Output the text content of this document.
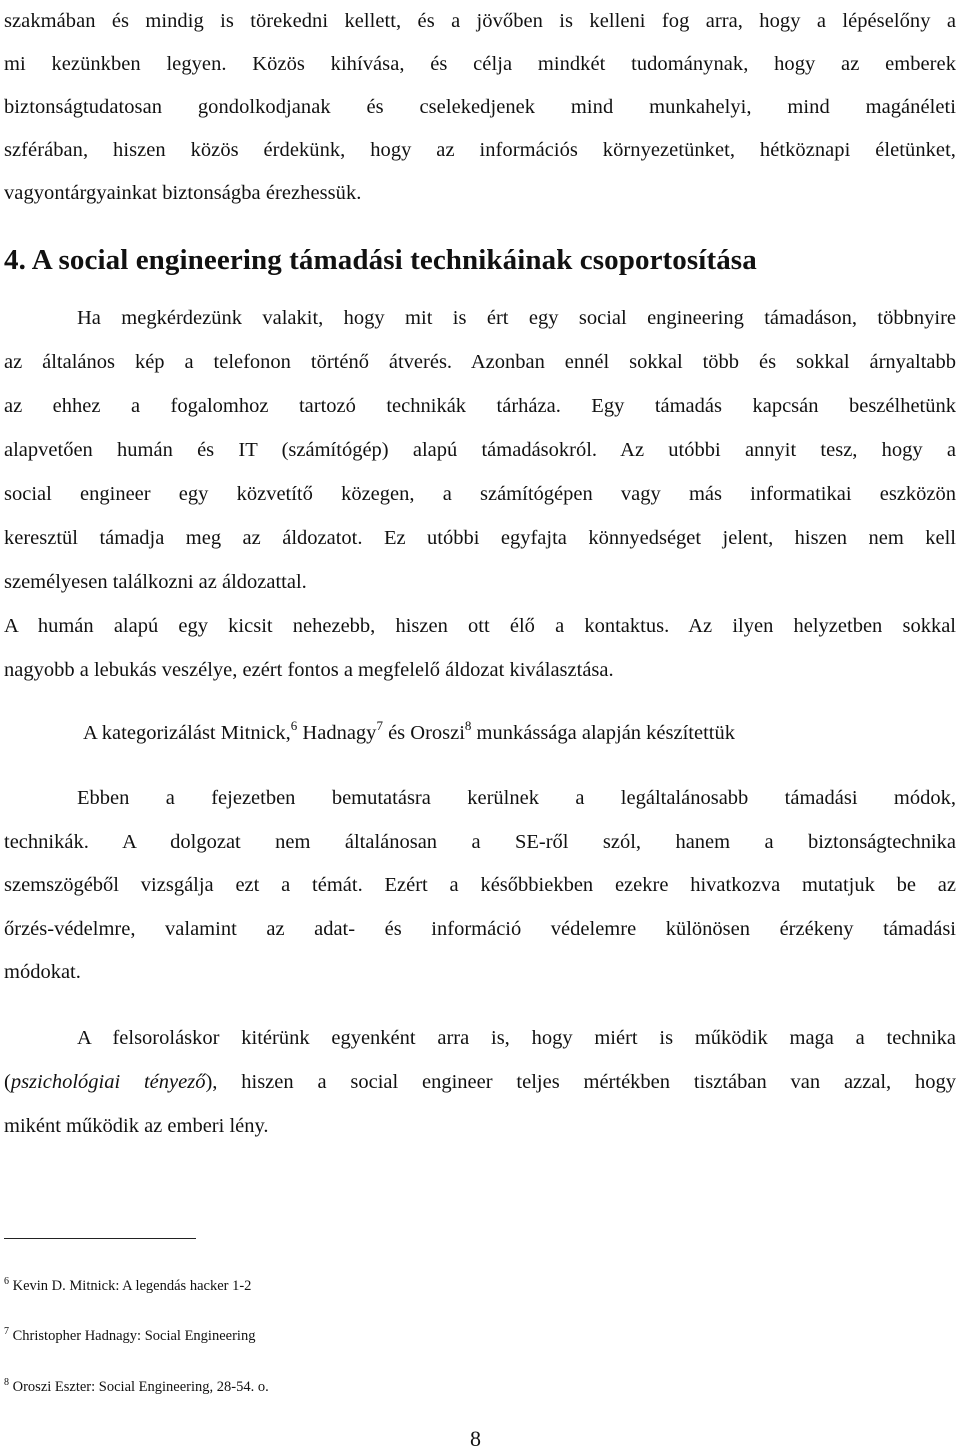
szakmában és mindig is törekedni kellett, és a jövőben is kelleni fog arra, hogy a lépéselőny a
mi kezünkben legyen. Közös kihívása, és célja mindkét tudománynak, hogy az emberek
biztonságtudatosan gondolkodjanak és cselekedjenek mind munkahelyi, mind magánéleti
szférában, hiszen közös érdekünk, hogy az információs környezetünket, hétköznapi életünket,
vagyontárgyainkat biztonságba érezhessük.
4. A social engineering támadási technikáinak csoportosítása
Ha megkérdezünk valakit, hogy mit is ért egy social engineering támadáson, többnyire
az általános kép a telefonon történő átverés. Azonban ennél sokkal több és sokkal árnyaltabb
az ehhez a fogalomhoz tartozó technikák tárháza. Egy támadás kapcsán beszélhetünk
alapvetően humán és IT (számítógép) alapú támadásokról. Az utóbbi annyit tesz, hogy a
social engineer egy közvetítő közegen, a számítógépen vagy más informatikai eszközön
keresztül támadja meg az áldozatot. Ez utóbbi egyfajta könnyedséget jelent, hiszen nem kell
személyesen találkozni az áldozattal.
A humán alapú egy kicsit nehezebb, hiszen ott élő a kontaktus. Az ilyen helyzetben sokkal
nagyobb a lebukás veszélye, ezért fontos a megfelelő áldozat kiválasztása.

A kategorizálást Mitnick,$^6$ Hadnagy$^7$ és Oroszi$^8$ munkássága alapján készítettük

Ebben a fejezetben bemutatásra kerülnek a legáltalánosabb támadási módok,
technikák. A dolgozat nem általánosan a SE-ről szól, hanem a biztonságtechnika
szemszögéből vizsgálja ezt a témát. Ezért a későbbiekben ezekre hivatkozva mutatjuk be az
őrzés-védelmre, valamint az adat- és információ védelemre különösen érzékeny támadási
módokat.
A felsoroláskor kitérünk egyenként arra is, hogy miért is működik maga a technika
(pszichológiai tényező), hiszen a social engineer teljes mértékben tisztában van azzal, hogy
miként működik az emberi lény.

$^6$ Kevin D. Mitnick: A legendás hacker 1-2

$^7$ Christopher Hadnagy: Social Engineering

$^8$ Oroszi Eszter: Social Engineering, 28-54. o.

8
